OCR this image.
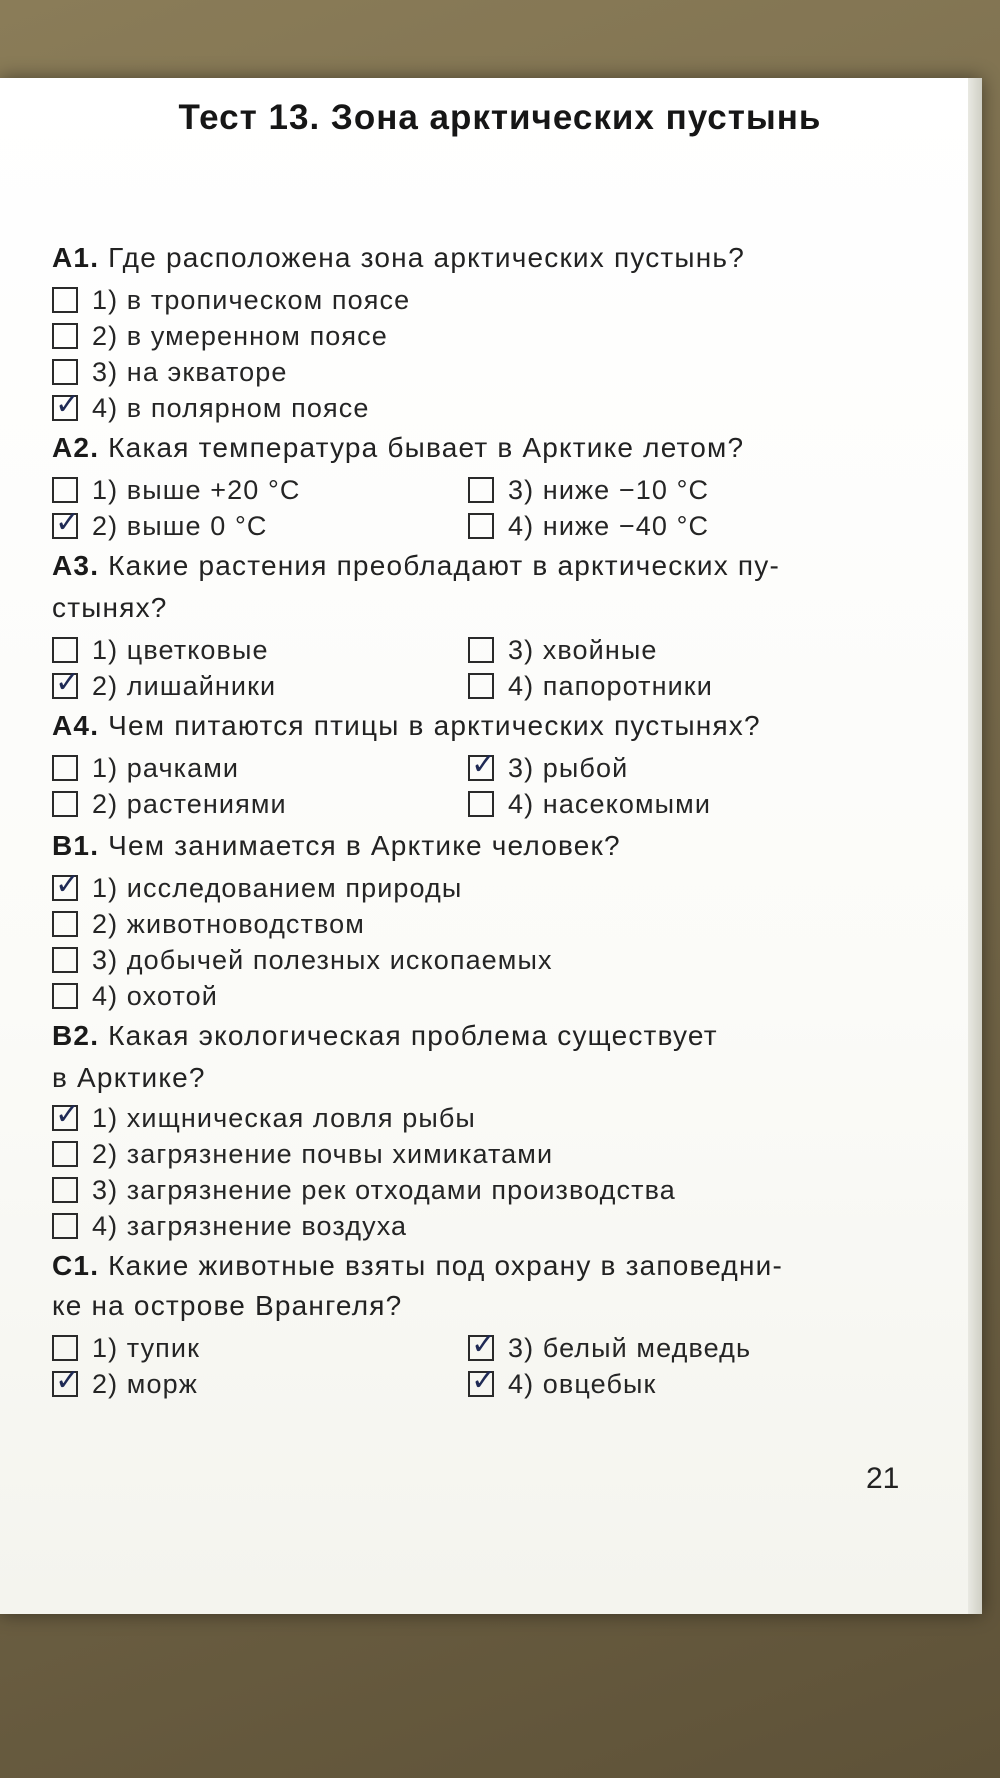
Тест 13. Зона арктических пустынь
А1. Где расположена зона арктических пустынь?
1) в тропическом поясе
2) в умеренном поясе
3) на экваторе
✓ 4) в полярном поясе
А2. Какая температура бывает в Арктике летом?
1) выше +20 °С
✓ 2) выше 0 °С
3) ниже −10 °С
4) ниже −40 °С
А3. Какие растения преобладают в арктических пу-
стынях?
1) цветковые
✓ 2) лишайники
3) хвойные
4) папоротники
А4. Чем питаются птицы в арктических пустынях?
1) рачками
2) растениями
✓ 3) рыбой
4) насекомыми
В1. Чем занимается в Арктике человек?
✓ 1) исследованием природы
2) животноводством
3) добычей полезных ископаемых
4) охотой
В2. Какая экологическая проблема существует
в Арктике?
✓ 1) хищническая ловля рыбы
2) загрязнение почвы химикатами
3) загрязнение рек отходами производства
4) загрязнение воздуха
С1. Какие животные взяты под охрану в заповедни-
ке на острове Врангеля?
1) тупик
✓ 2) морж
✓ 3) белый медведь
✓ 4) овцебык
21
